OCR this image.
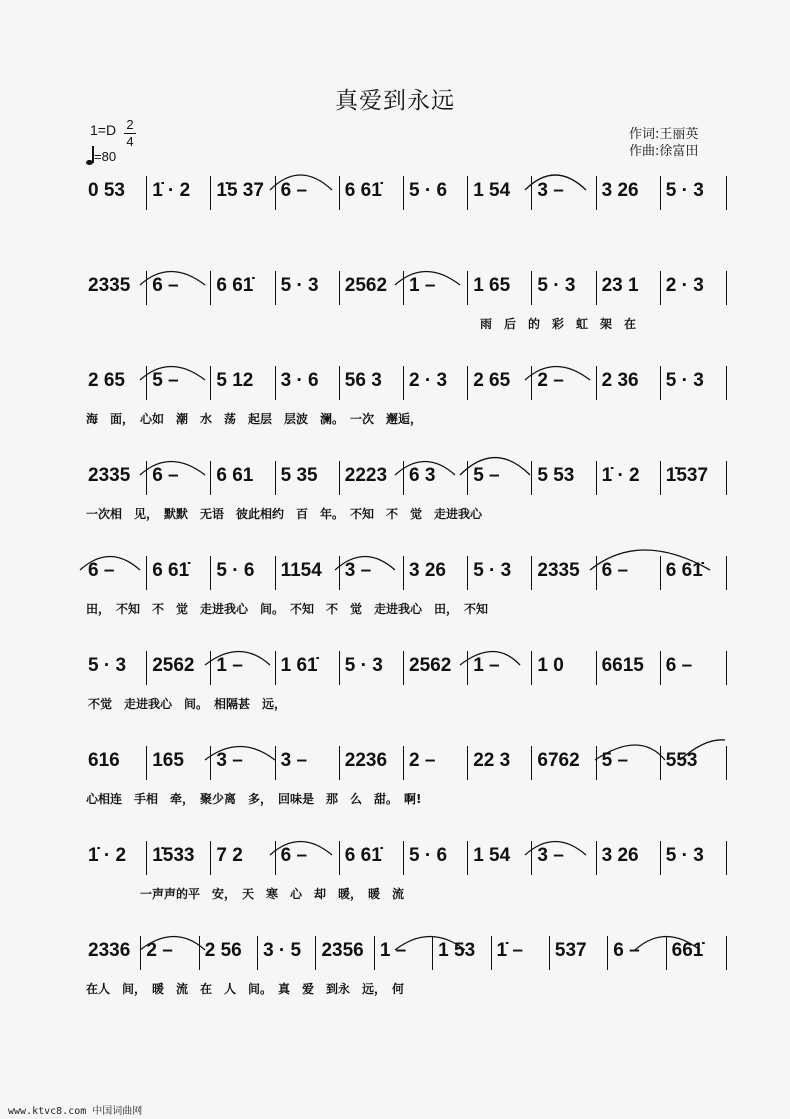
真爱到永远
1=D 2
4
=80
作词:王丽英
作曲:徐富田
0 53 1̇ · 2 1̇5 37 6 – 6 61̇ 5 · 6 1 54 3 – 3 26 5 · 3
2335 6 – 6 61̇ 5 · 3 2562 1 – 1 65 5 · 3 23 1 2 · 3
雨　后　的　彩　虹　架　在
2 65 5 – 5 12 3 · 6 56 3 2 · 3 2 65 2 – 2 36 5 · 3
海　面，　心如　潮　水　荡　起层　层波　澜。　一次　邂逅，
2335 6 – 6 61 5 35 2223 6 3 5 – 5 53 1̇ · 2 1̇537
一次相　见，　默默　无语　彼此相约　百　年。　不知　不　觉　走进我心
6 – 6 61̇ 5 · 6 1154 3 – 3 26 5 · 3 2335 6 – 6 61̇
田，　不知　不　觉　走进我心　间。　不知　不　觉　走进我心　田，　不知
5 · 3 2562 1 – 1 61̇ 5 · 3 2562 1 – 1 0 6615 6 –
不觉　走进我心　间。　相隔甚　远，
616 165 3 – 3 – 2236 2 – 22 3 6762 5 – 553
心相连　手相　牵，　聚少离　多，　回味是　那　么　甜。　啊!
1̇ · 2 1̇533 7 2 6 – 6 61̇ 5 · 6 1 54 3 – 3 26 5 · 3
一声声的平　安，　天　寒　心　却　暖，　暖　流
2336 2 – 2 56 3 · 5 2356 1 – 1 53 1̇ – 537 6 – 661̇
在人　间，　暖　流　在　人　间。　真　爱　到永　远，　何
www.ktvc8.com 中国词曲网
